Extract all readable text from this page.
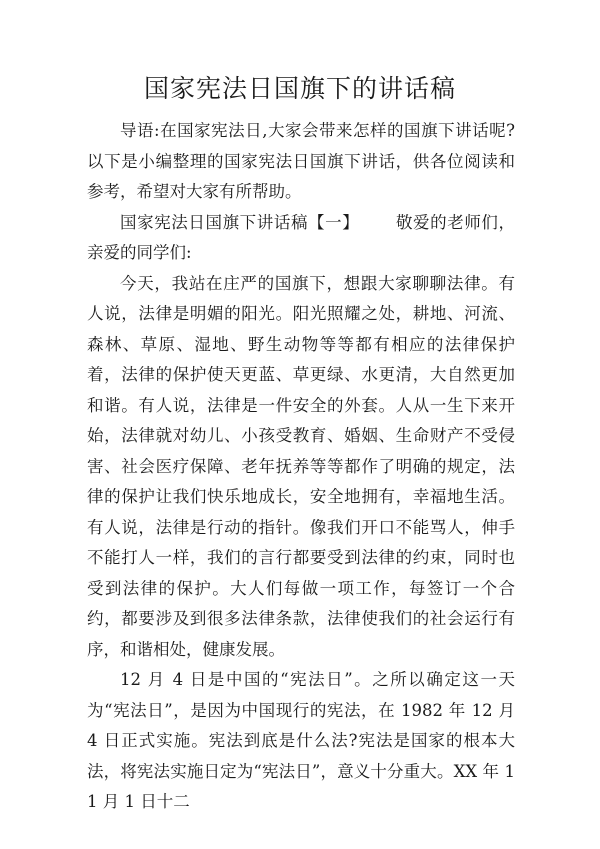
国家宪法日国旗下的讲话稿

导语:在国家宪法日,大家会带来怎样的国旗下讲话呢?以下是小编整理的国家宪法日国旗下讲话，供各位阅读和参考，希望对大家有所帮助。

国家宪法日国旗下讲话稿【一】 敬爱的老师们，亲爱的同学们:

今天，我站在庄严的国旗下，想跟大家聊聊法律。有人说，法律是明媚的阳光。阳光照耀之处，耕地、河流、森林、草原、湿地、野生动物等等都有相应的法律保护着，法律的保护使天更蓝、草更绿、水更清，大自然更加和谐。有人说，法律是一件安全的外套。人从一生下来开始，法律就对幼儿、小孩受教育、婚姻、生命财产不受侵害、社会医疗保障、老年抚养等等都作了明确的规定，法律的保护让我们快乐地成长，安全地拥有，幸福地生活。有人说，法律是行动的指针。像我们开口不能骂人，伸手不能打人一样，我们的言行都要受到法律的约束，同时也受到法律的保护。大人们每做一项工作，每签订一个合约，都要涉及到很多法律条款，法律使我们的社会运行有序，和谐相处，健康发展。

12 月 4 日是中国的“宪法日”。之所以确定这一天为“宪法日”，是因为中国现行的宪法，在 1982 年 12 月 4 日正式实施。宪法到底是什么法?宪法是国家的根本大法，将宪法实施日定为“宪法日”，意义十分重大。XX 年 11 月 1 日十二
